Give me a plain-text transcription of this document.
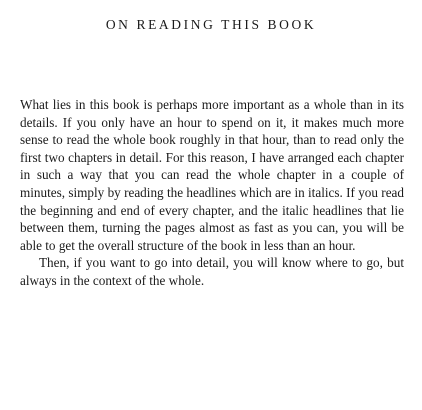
ON READING THIS BOOK

What lies in this book is perhaps more important as a whole than in its details. If you only have an hour to spend on it, it makes much more sense to read the whole book roughly in that hour, than to read only the first two chapters in detail. For this reason, I have arranged each chapter in such a way that you can read the whole chapter in a couple of minutes, simply by reading the headlines which are in italics. If you read the beginning and end of every chapter, and the italic headlines that lie between them, turning the pages almost as fast as you can, you will be able to get the overall structure of the book in less than an hour.

Then, if you want to go into detail, you will know where to go, but always in the context of the whole.
